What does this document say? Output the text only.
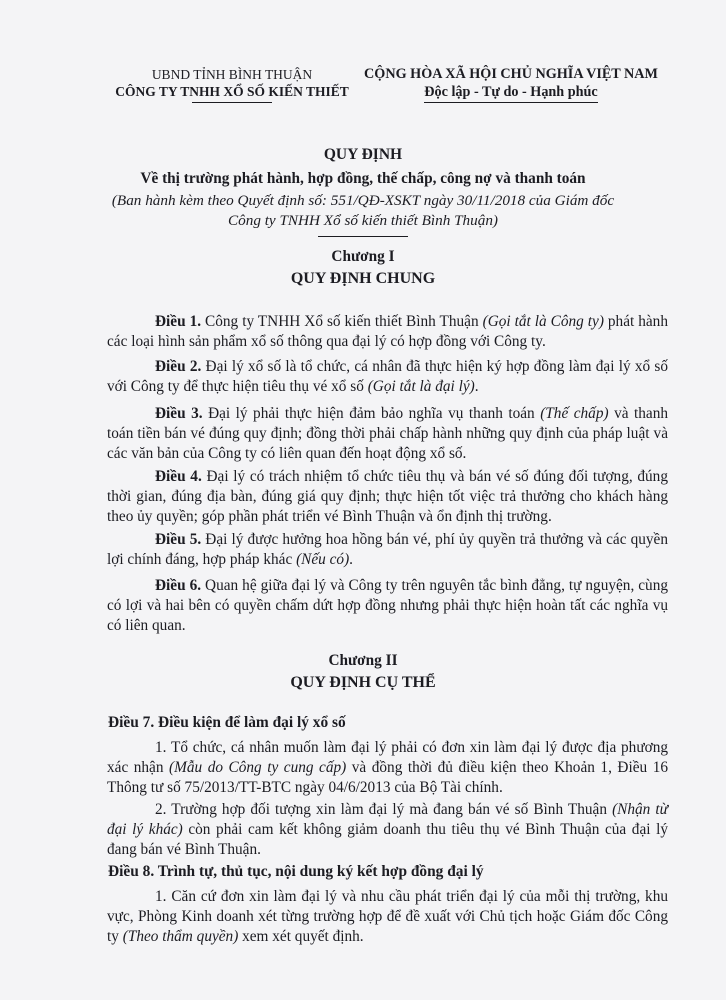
UBND TỈNH BÌNH THUẬN
CÔNG TY TNHH XỔ SỐ KIẾN THIẾT
CỘNG HÒA XÃ HỘI CHỦ NGHĨA VIỆT NAM
Độc lập - Tự do - Hạnh phúc
QUY ĐỊNH
Về thị trường phát hành, hợp đồng, thế chấp, công nợ và thanh toán
(Ban hành kèm theo Quyết định số: 551/QĐ-XSKT ngày 30/11/2018 của Giám đốc
Công ty TNHH Xổ số kiến thiết Bình Thuận)
Chương I
QUY ĐỊNH CHUNG
Điều 1. Công ty TNHH Xổ số kiến thiết Bình Thuận (Gọi tắt là Công ty) phát hành các loại hình sản phẩm xổ số thông qua đại lý có hợp đồng với Công ty.
Điều 2. Đại lý xổ số là tổ chức, cá nhân đã thực hiện ký hợp đồng làm đại lý xổ số với Công ty để thực hiện tiêu thụ vé xổ số (Gọi tắt là đại lý).
Điều 3. Đại lý phải thực hiện đảm bảo nghĩa vụ thanh toán (Thế chấp) và thanh toán tiền bán vé đúng quy định; đồng thời phải chấp hành những quy định của pháp luật và các văn bản của Công ty có liên quan đến hoạt động xổ số.
Điều 4. Đại lý có trách nhiệm tổ chức tiêu thụ và bán vé số đúng đối tượng, đúng thời gian, đúng địa bàn, đúng giá quy định; thực hiện tốt việc trả thưởng cho khách hàng theo ủy quyền; góp phần phát triển vé Bình Thuận và ổn định thị trường.
Điều 5. Đại lý được hưởng hoa hồng bán vé, phí ủy quyền trả thưởng và các quyền lợi chính đáng, hợp pháp khác (Nếu có).
Điều 6. Quan hệ giữa đại lý và Công ty trên nguyên tắc bình đẳng, tự nguyện, cùng có lợi và hai bên có quyền chấm dứt hợp đồng nhưng phải thực hiện hoàn tất các nghĩa vụ có liên quan.
Chương II
QUY ĐỊNH CỤ THỂ
Điều 7. Điều kiện để làm đại lý xổ số
1. Tổ chức, cá nhân muốn làm đại lý phải có đơn xin làm đại lý được địa phương xác nhận (Mẫu do Công ty cung cấp) và đồng thời đủ điều kiện theo Khoản 1, Điều 16 Thông tư số 75/2013/TT-BTC ngày 04/6/2013 của Bộ Tài chính.
2. Trường hợp đối tượng xin làm đại lý mà đang bán vé số Bình Thuận (Nhận từ đại lý khác) còn phải cam kết không giảm doanh thu tiêu thụ vé Bình Thuận của đại lý đang bán vé Bình Thuận.
Điều 8. Trình tự, thủ tục, nội dung ký kết hợp đồng đại lý
1. Căn cứ đơn xin làm đại lý và nhu cầu phát triển đại lý của mỗi thị trường, khu vực, Phòng Kinh doanh xét từng trường hợp để đề xuất với Chủ tịch hoặc Giám đốc Công ty (Theo thẩm quyền) xem xét quyết định.
